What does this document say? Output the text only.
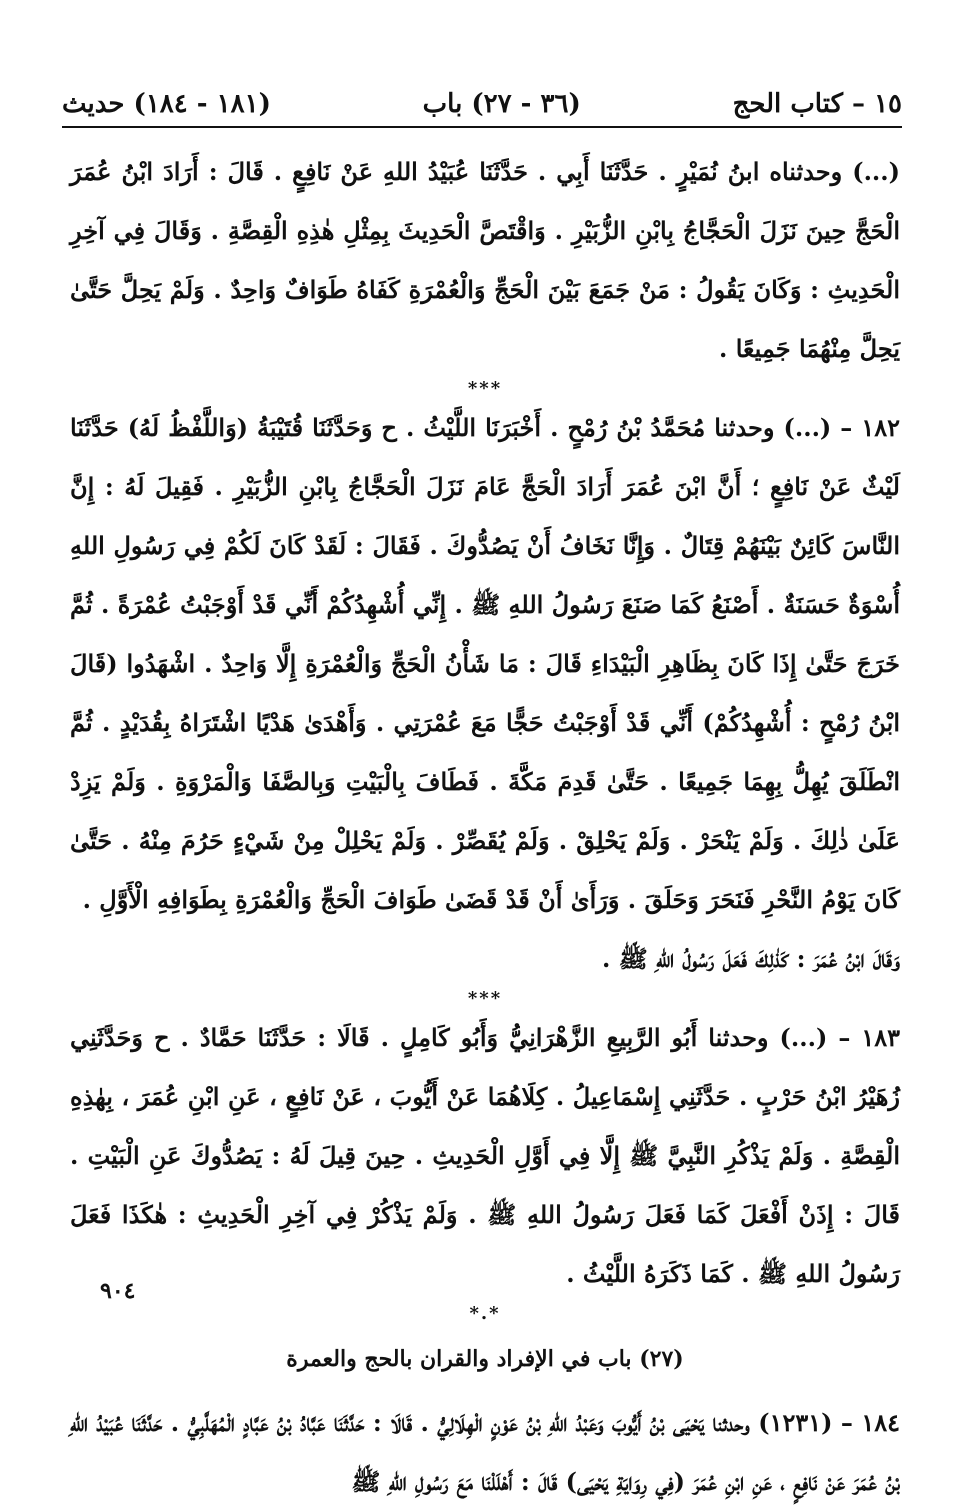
١٥ – كتاب الحج
(٣٦ - ٢٧) باب
(١٨١ - ١٨٤) حديث

(...) وحدثناه ابنُ نُمَيْرٍ . حَدَّثَنَا أَبِي . حَدَّثَنَا عُبَيْدُ اللهِ عَنْ نَافِعٍ . قَالَ : أَرَادَ ابْنُ عُمَرَ الْحَجَّ حِينَ نَزَلَ الْحَجَّاجُ بِابْنِ الزُّبَيْرِ . وَاقْتَصَّ الْحَدِيثَ بِمِثْلِ هٰذِهِ الْقِصَّةِ . وَقَالَ فِي آخِرِ الْحَدِيثِ : وَكَانَ يَقُولُ : مَنْ جَمَعَ بَيْنَ الْحَجِّ وَالْعُمْرَةِ كَفَاهُ طَوَافٌ وَاحِدٌ . وَلَمْ يَحِلَّ حَتَّىٰ يَحِلَّ مِنْهُمَا جَمِيعًا .

***

١٨٢ – (...) وحدثنا مُحَمَّدُ بْنُ رُمْحٍ . أَخْبَرَنَا اللَّيْثُ . ح وَحَدَّثَنَا قُتَيْبَةُ (وَاللَّفْظُ لَهُ) حَدَّثَنَا لَيْثٌ عَنْ نَافِعٍ ؛ أَنَّ ابْنَ عُمَرَ أَرَادَ الْحَجَّ عَامَ نَزَلَ الْحَجَّاجُ بِابْنِ الزُّبَيْرِ . فَقِيلَ لَهُ : إِنَّ النَّاسَ كَائِنٌ بَيْنَهُمْ قِتَالٌ . وَإِنَّا نَخَافُ أَنْ يَصُدُّوكَ . فَقَالَ : لَقَدْ كَانَ لَكُمْ فِي رَسُولِ اللهِ أُسْوَةٌ حَسَنَةٌ . أَصْنَعُ كَمَا صَنَعَ رَسُولُ اللهِ ﷺ . إِنِّي أُشْهِدُكُمْ أَنِّي قَدْ أَوْجَبْتُ عُمْرَةً . ثُمَّ خَرَجَ حَتَّىٰ إِذَا كَانَ بِظَاهِرِ الْبَيْدَاءِ قَالَ : مَا شَأْنُ الْحَجِّ وَالْعُمْرَةِ إِلَّا وَاحِدٌ . اشْهَدُوا (قَالَ ابْنُ رُمْحٍ : أُشْهِدُكُمْ) أَنِّي قَدْ أَوْجَبْتُ حَجًّا مَعَ عُمْرَتِي . وَأَهْدَىٰ هَدْيًا اشْتَرَاهُ بِقُدَيْدٍ . ثُمَّ انْطَلَقَ يُهِلُّ بِهِمَا جَمِيعًا . حَتَّىٰ قَدِمَ مَكَّةَ . فَطَافَ بِالْبَيْتِ وَبِالصَّفَا وَالْمَرْوَةِ . وَلَمْ يَزِدْ عَلَىٰ ذٰلِكَ . وَلَمْ يَنْحَرْ . وَلَمْ يَحْلِقْ . وَلَمْ يُقَصِّرْ . وَلَمْ يَحْلِلْ مِنْ شَيْءٍ حَرُمَ مِنْهُ . حَتَّىٰ كَانَ يَوْمُ النَّحْرِ فَنَحَرَ وَحَلَقَ . وَرَأَىٰ أَنْ قَدْ قَضَىٰ طَوَافَ الْحَجِّ وَالْعُمْرَةِ بِطَوَافِهِ الْأَوَّلِ .

وَقَالَ ابْنُ عُمَرَ : كَذٰلِكَ فَعَلَ رَسُولُ اللهِ ﷺ .

***

١٨٣ – (...) وحدثنا أَبُو الرَّبِيعِ الزَّهْرَانِيُّ وَأَبُو كَامِلٍ . قَالَا : حَدَّثَنَا حَمَّادٌ . ح وَحَدَّثَنِي زُهَيْرُ ابْنُ حَرْبٍ . حَدَّثَنِي إِسْمَاعِيلُ . كِلَاهُمَا عَنْ أَيُّوبَ ، عَنْ نَافِعٍ ، عَنِ ابْنِ عُمَرَ ، بِهٰذِهِ الْقِصَّةِ . وَلَمْ يَذْكُرِ النَّبِيَّ ﷺ إِلَّا فِي أَوَّلِ الْحَدِيثِ . حِينَ قِيلَ لَهُ : يَصُدُّوكَ عَنِ الْبَيْتِ . قَالَ : إِذَنْ أَفْعَلَ كَمَا فَعَلَ رَسُولُ اللهِ ﷺ . وَلَمْ يَذْكُرْ فِي آخِرِ الْحَدِيثِ : هٰكَذَا فَعَلَ رَسُولُ اللهِ ﷺ . كَمَا ذَكَرَهُ اللَّيْثُ .

*.*
(٢٧) باب في الإفراد والقران بالحج والعمرة

١٨٤ – (١٢٣١) وحدثنا يَحْيَى بْنُ أَيُّوبَ وَعَبْدُ اللهِ بْنُ عَوْنٍ الْهِلَالِيُّ . قَالَا : حَدَّثَنَا عَبَّادُ بْنُ عَبَّادٍ الْمُهَلَّبِيُّ . حَدَّثَنَا عُبَيْدُ اللهِ بْنُ عُمَرَ عَنْ نَافِعٍ ، عَنِ ابْنِ عُمَرَ (فِي رِوَايَةِ يَحْيَى) قَالَ : أَهْلَلْنَا مَعَ رَسُولِ اللهِ ﷺ

٩٠٤
